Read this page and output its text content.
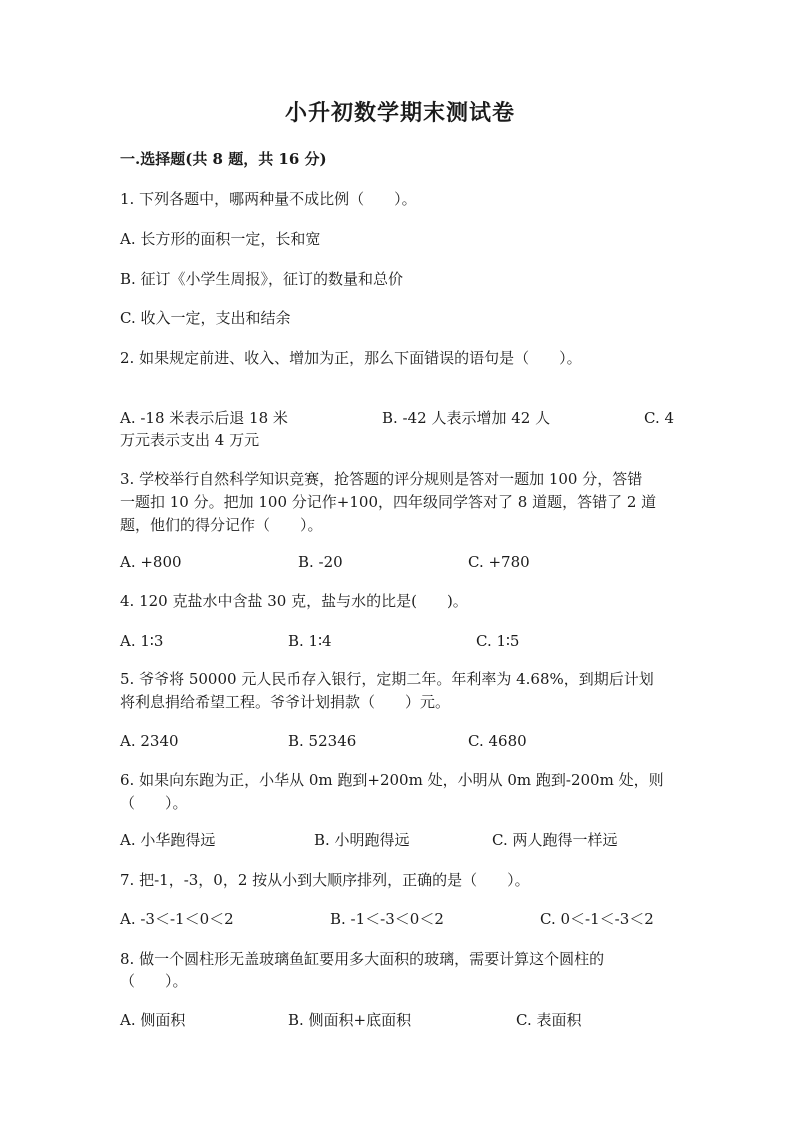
小升初数学期末测试卷
一.选择题(共 8 题，共 16 分)
1. 下列各题中，哪两种量不成比例（　　）。
A. 长方形的面积一定，长和宽
B. 征订《小学生周报》，征订的数量和总价
C. 收入一定，支出和结余
2. 如果规定前进、收入、增加为正，那么下面错误的语句是（　　）。
A. -18 米表示后退 18 米	B. -42 人表示增加 42 人	C. 4
万元表示支出 4 万元
3. 学校举行自然科学知识竞赛，抢答题的评分规则是答对一题加 100 分，答错
一题扣 10 分。把加 100 分记作+100，四年级同学答对了 8 道题，答错了 2 道
题，他们的得分记作（　　）。
A. +800	B. -20	C. +780
4. 120 克盐水中含盐 30 克，盐与水的比是(　　)。
A. 1∶3	B. 1∶4	C. 1∶5
5. 爷爷将 50000 元人民币存入银行，定期二年。年利率为 4.68%，到期后计划
将利息捐给希望工程。爷爷计划捐款（　　）元。
A. 2340	B. 52346	C. 4680
6. 如果向东跑为正，小华从 0m 跑到+200m 处，小明从 0m 跑到-200m 处，则
（　　）。
A. 小华跑得远	B. 小明跑得远	C. 两人跑得一样远
7. 把-1，-3，0，2 按从小到大顺序排列，正确的是（　　）。
A. -3＜-1＜0＜2	B. -1＜-3＜0＜2	C. 0＜-1＜-3＜2
8. 做一个圆柱形无盖玻璃鱼缸要用多大面积的玻璃，需要计算这个圆柱的
（　　）。
A. 侧面积	B. 侧面积+底面积	C. 表面积
